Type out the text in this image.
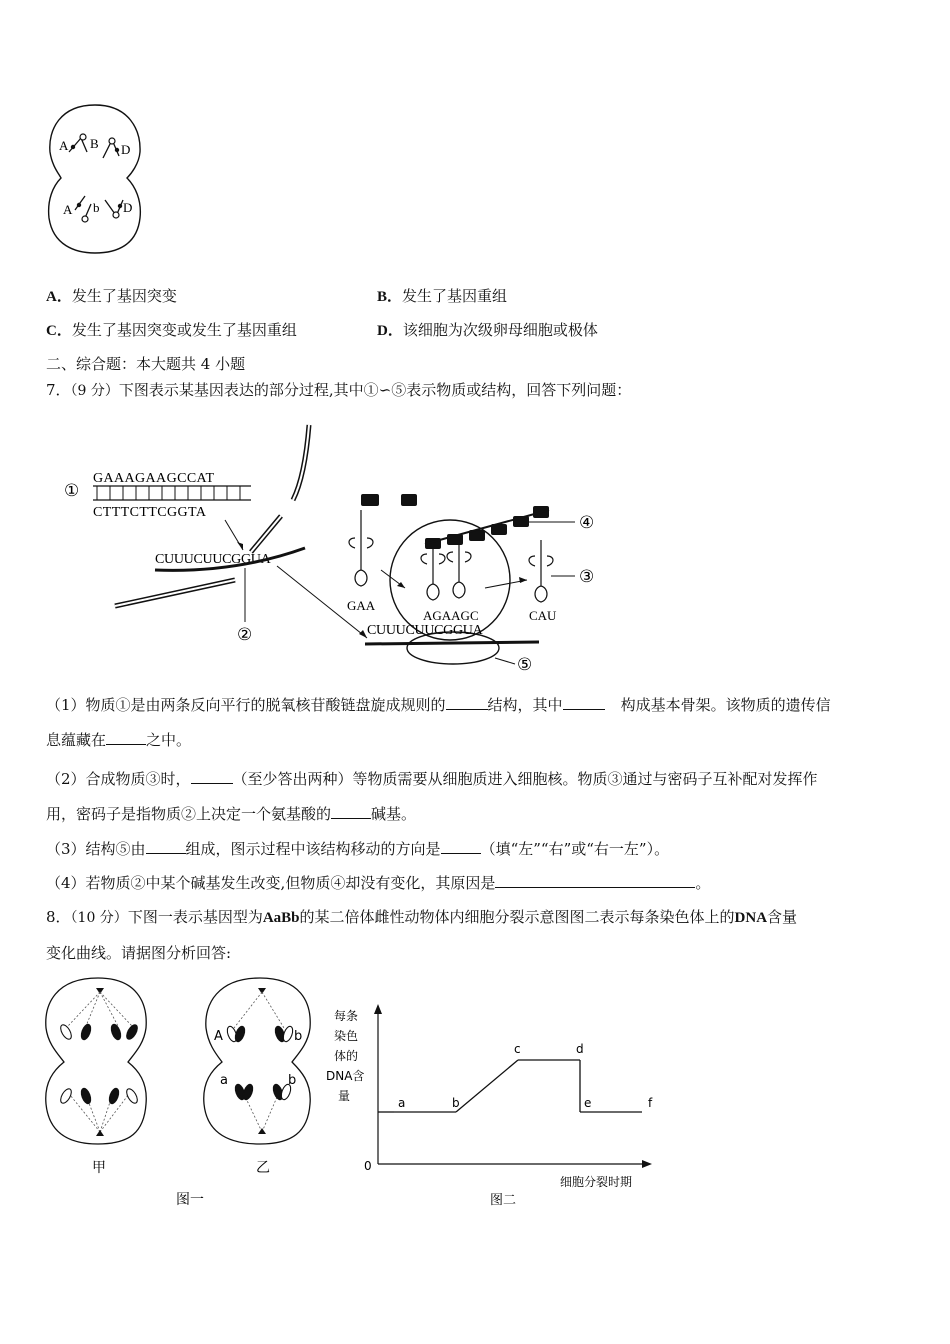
A B D
A b D
A．发生了基因突变	B．发生了基因重组
C．发生了基因突变或发生了基因重组	D．该细胞为次级卵母细胞或极体
二、综合题：本大题共 4 小题
7．（9 分）下图表示某基因表达的部分过程,其中①∽⑤表示物质或结构，回答下列问题：
①
GAAAGAAGCCAT
CTTTCTTCGGTA
CUUUCUUCGGUA
②	CUUUCUUCGGUA
⑤
④
GAA
AGAAGC	CAU
③
（1）物质①是由两条反向平行的脱氧核苷酸链盘旋成规则的	结构，其中	构成基本骨架。该物质的遗传信
息蕴藏在	之中。
（2）合成物质③时，	（至少答出两种）等物质需要从细胞质进入细胞核。物质③通过与密码子互补配对发挥作
用，密码子是指物质②上决定一个氨基酸的	碱基。
（3）结构⑤由	组成，图示过程中该结构移动的方向是	（填“左”“右”或“右一左”）。
（4）若物质②中某个碱基发生改变,但物质④却没有变化，其原因是	。
8．（10 分）下图一表示基因型为AaBb的某二倍体雌性动物体内细胞分裂示意图图二表示每条染色体上的DNA含量
变化曲线。请据图分析回答:
甲
A	b
a	b
乙
图一
每条
染色
体的
DNA含
量
0
细胞分裂时期
a	b
c	d
e	f
图二
